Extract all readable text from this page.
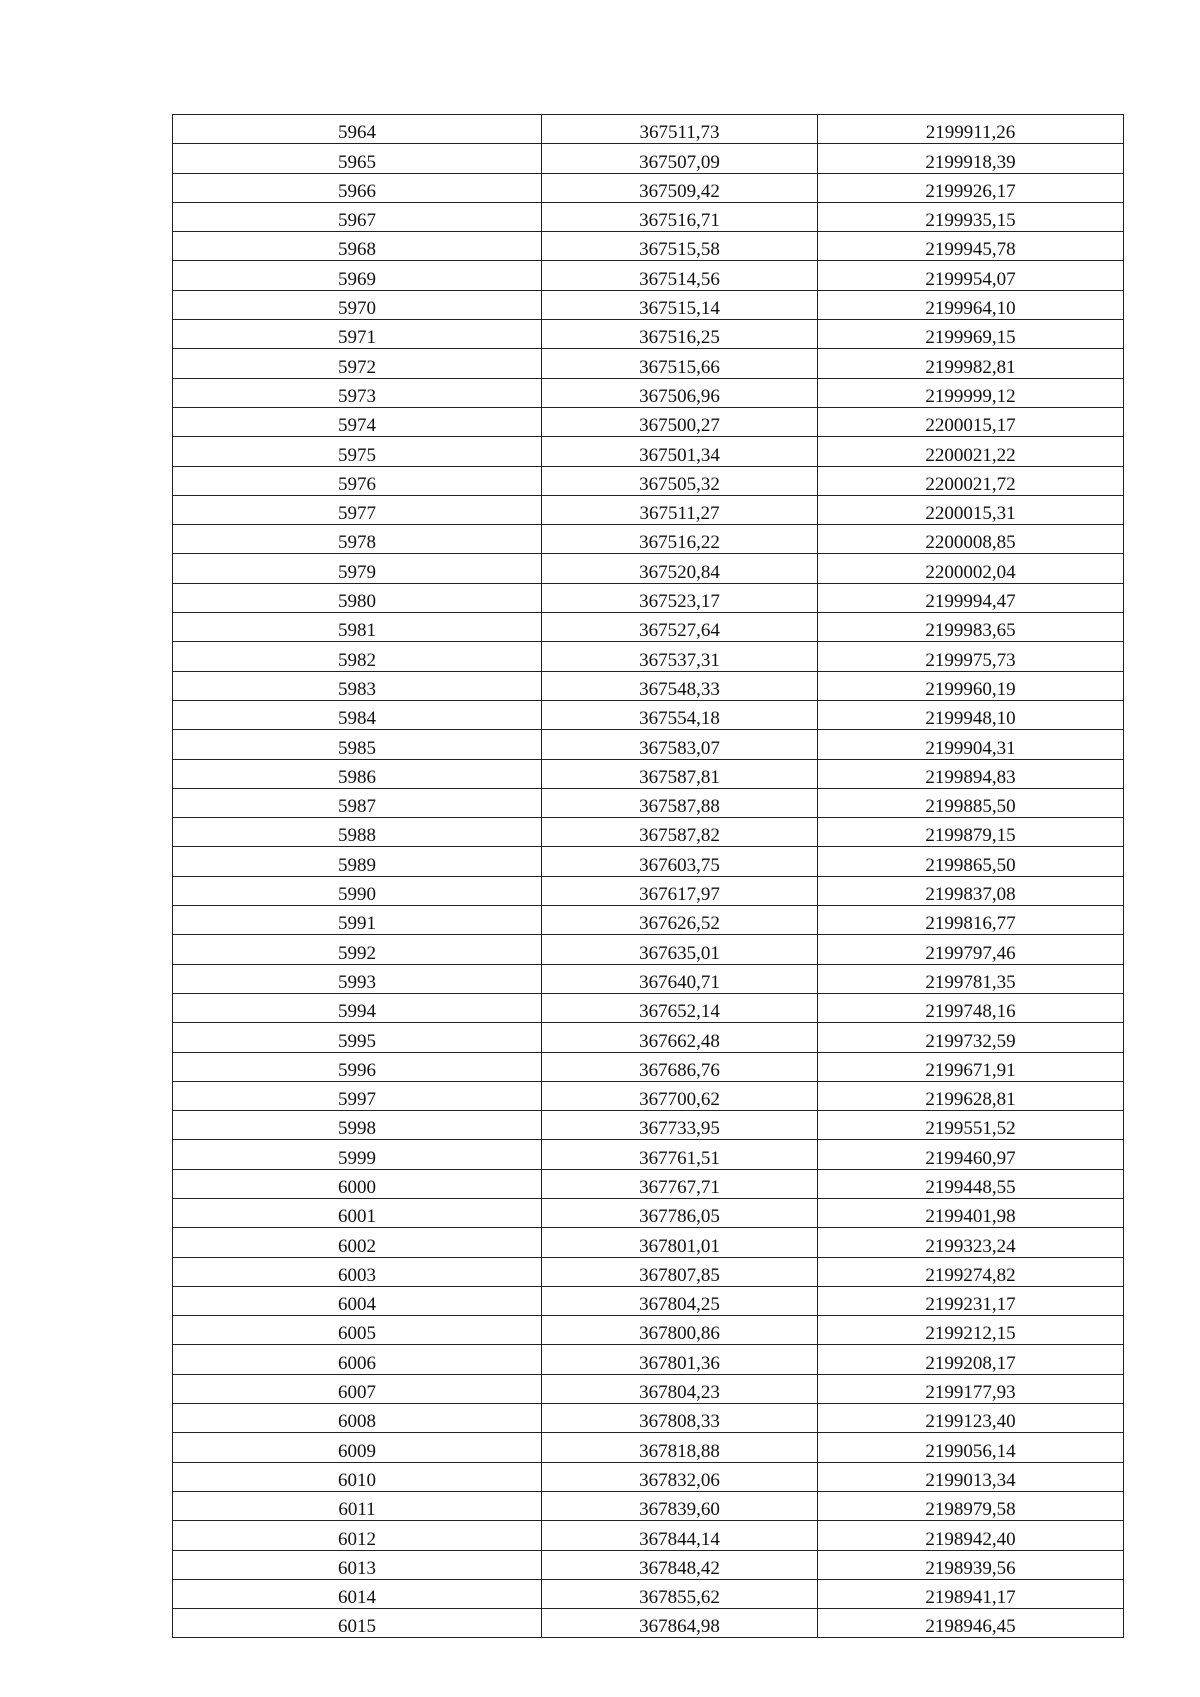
5964	367511,73	2199911,26
5965	367507,09	2199918,39
5966	367509,42	2199926,17
5967	367516,71	2199935,15
5968	367515,58	2199945,78
5969	367514,56	2199954,07
5970	367515,14	2199964,10
5971	367516,25	2199969,15
5972	367515,66	2199982,81
5973	367506,96	2199999,12
5974	367500,27	2200015,17
5975	367501,34	2200021,22
5976	367505,32	2200021,72
5977	367511,27	2200015,31
5978	367516,22	2200008,85
5979	367520,84	2200002,04
5980	367523,17	2199994,47
5981	367527,64	2199983,65
5982	367537,31	2199975,73
5983	367548,33	2199960,19
5984	367554,18	2199948,10
5985	367583,07	2199904,31
5986	367587,81	2199894,83
5987	367587,88	2199885,50
5988	367587,82	2199879,15
5989	367603,75	2199865,50
5990	367617,97	2199837,08
5991	367626,52	2199816,77
5992	367635,01	2199797,46
5993	367640,71	2199781,35
5994	367652,14	2199748,16
5995	367662,48	2199732,59
5996	367686,76	2199671,91
5997	367700,62	2199628,81
5998	367733,95	2199551,52
5999	367761,51	2199460,97
6000	367767,71	2199448,55
6001	367786,05	2199401,98
6002	367801,01	2199323,24
6003	367807,85	2199274,82
6004	367804,25	2199231,17
6005	367800,86	2199212,15
6006	367801,36	2199208,17
6007	367804,23	2199177,93
6008	367808,33	2199123,40
6009	367818,88	2199056,14
6010	367832,06	2199013,34
6011	367839,60	2198979,58
6012	367844,14	2198942,40
6013	367848,42	2198939,56
6014	367855,62	2198941,17
6015	367864,98	2198946,45
